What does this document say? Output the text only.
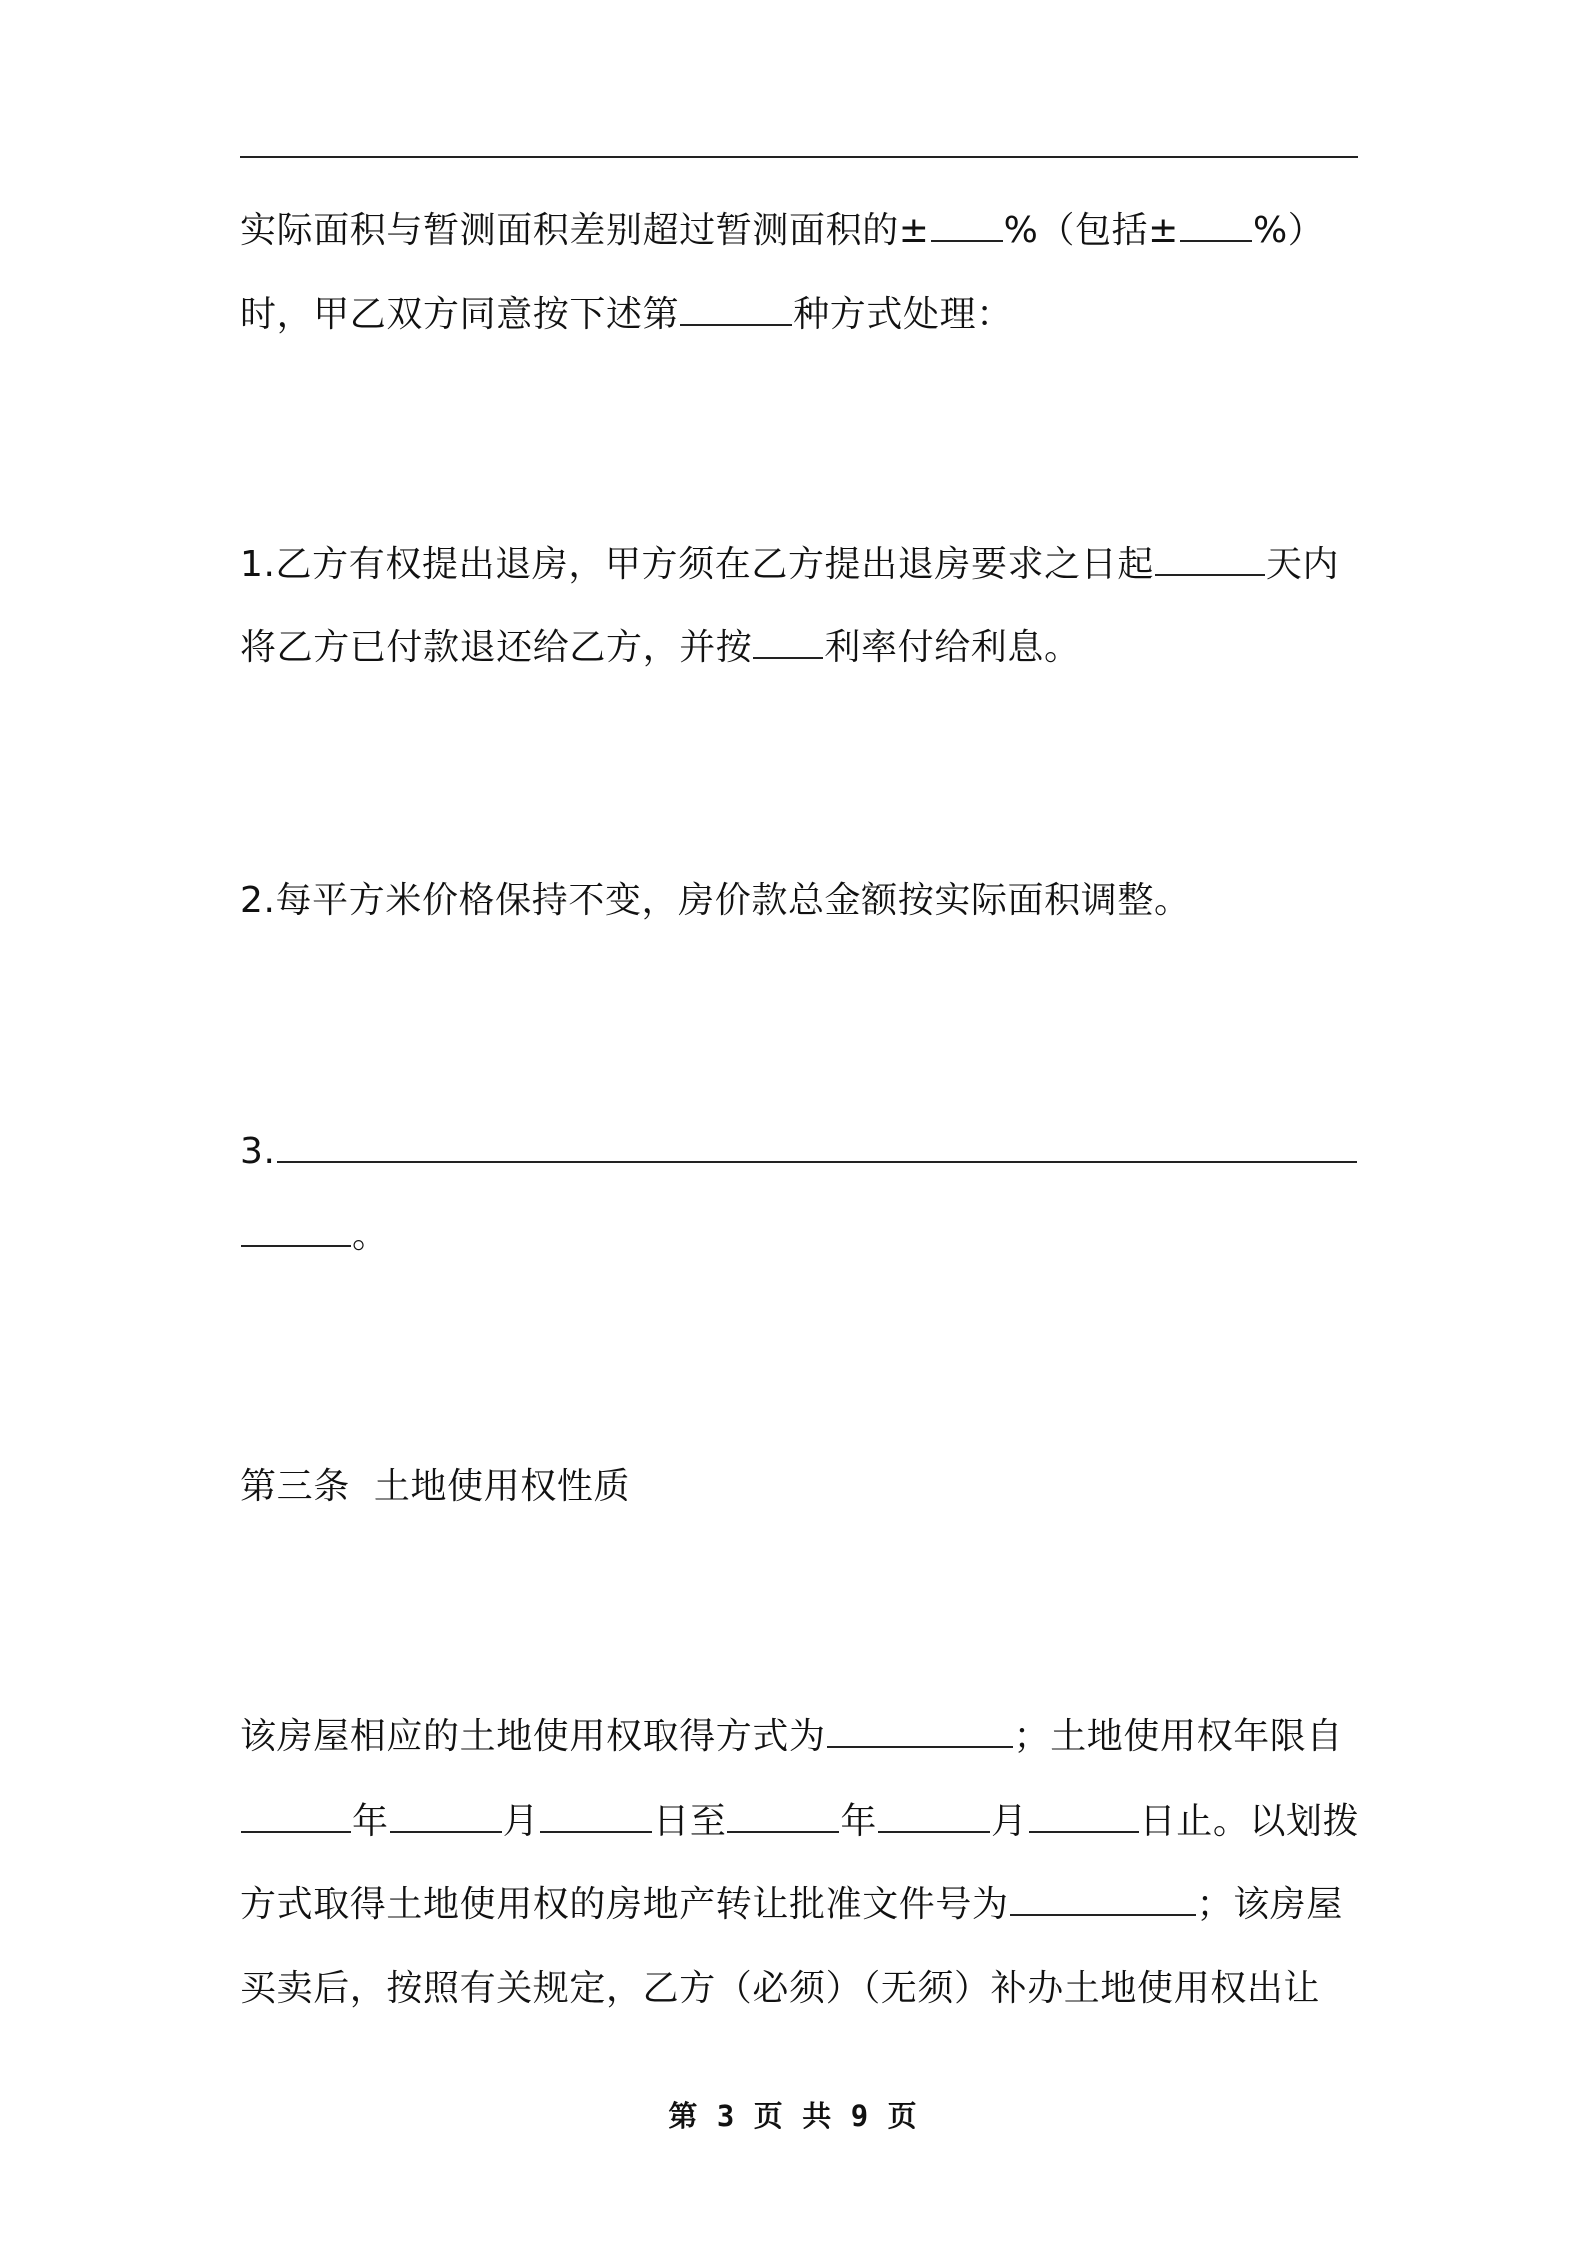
实际面积与暂测面积差别超过暂测面积的± %（包括± %）
时，甲乙双方同意按下述第	种方式处理：
1.乙方有权提出退房，甲方须在乙方提出退房要求之日起	天内
将乙方已付款退还给乙方，并按 利率付给利息。
2.每平方米价格保持不变，房价款总金额按实际面积调整。
3.
。
第三条  土地使用权性质
该房屋相应的土地使用权取得方式为	；土地使用权年限自
年	月	日至	年	月	日止。以划拨
方式取得土地使用权的房地产转让批准文件号为	；该房屋
买卖后，按照有关规定，乙方（必须）（无须）补办土地使用权出让
第 3 页 共 9 页
